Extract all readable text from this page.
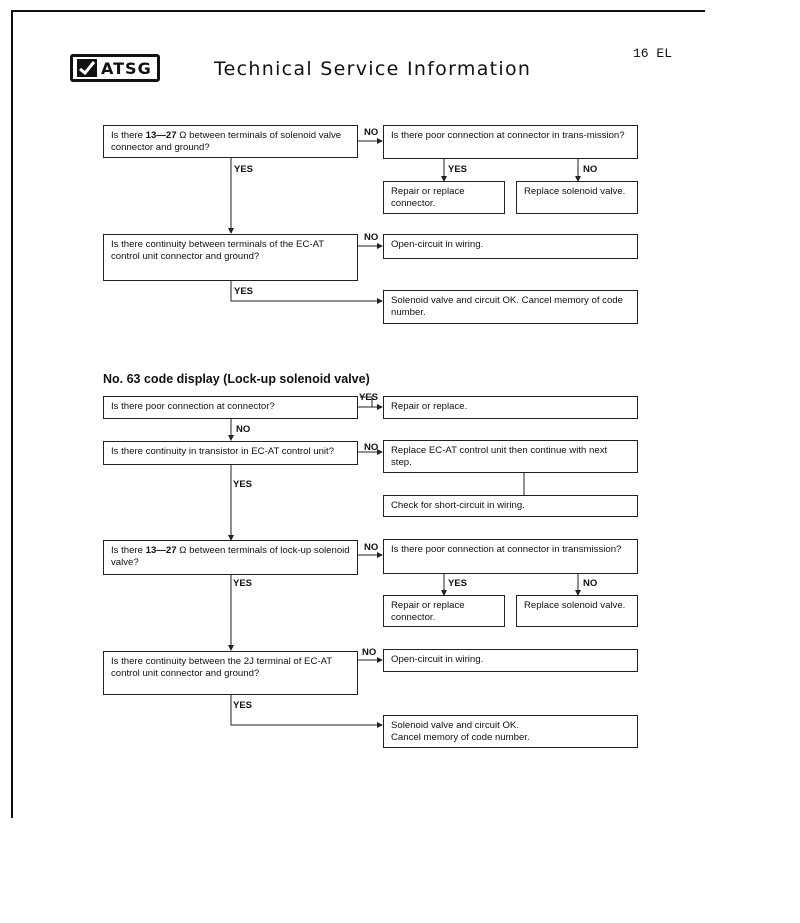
ATSG	Technical Service Information
16 EL
Is there 13—27 Ω between terminals of solenoid valve connector and ground?
NO	Is there poor connection at connector in trans-mission?
YES	YES	NO
Repair or replace connector.
Replace solenoid valve.
Is there continuity between terminals of the EC-AT control unit connector and ground?
NO
Open-circuit in wiring.
YES
Solenoid valve and circuit OK. Cancel memory of code number.
No. 63 code display (Lock-up solenoid valve)
Is there poor connection at connector?
YES
Repair or replace.
NO
Is there continuity in transistor in EC-AT control unit?	NO	Replace EC-AT control unit then continue with next step.
YES
Check for short-circuit in wiring.
Is there 13—27 Ω between terminals of lock-up solenoid valve?
NO	Is there poor connection at connector in transmission?
YES	YES	NO
Repair or replace connector.
Replace solenoid valve.
Is there continuity between the 2J terminal of EC-AT control unit connector and ground?
NO
Open-circuit in wiring.
YES
Solenoid valve and circuit OK.
Cancel memory of code number.
